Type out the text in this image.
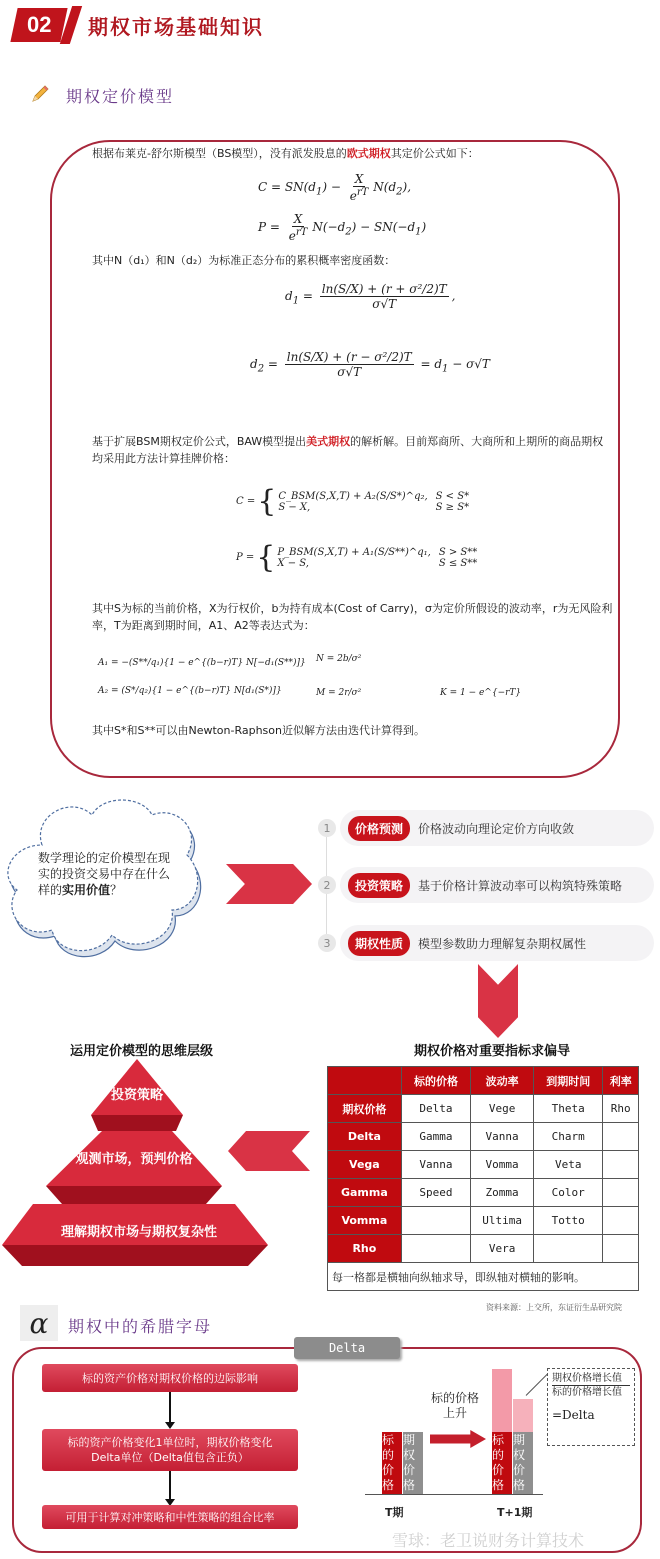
02 期权市场基础知识
期权定价模型
根据布莱克-舒尔斯模型（BS模型），没有派发股息的欧式期权其定价公式如下：
$C = SN(d_1) - \frac{X}{e^{rT}} N(d_2)$,
$P = \frac{X}{e^{rT}} N(-d_2) - SN(-d_1)$
其中N（d₁）和N（d₂）为标准正态分布的累积概率密度函数：
$d_1 = \frac{\text{ln(S/X) + (r + σ²/2)T}}{\sigma√T}$ ,
$d_2 = \frac{\text{ln(S/X) + (r − σ²/2)T}}{\sigma√T} = d_1 - \sigma√T$
基于扩展BSM期权定价公式，BAW模型提出美式期权的解析解。目前郑商所、大商所和上期所的商品期权均采用此方法计算挂牌价格：
C = { C_BSM(S,X,T) + A₂(S/S*)^q₂, S < S*
S − X,	S ≥ S*
P = { P_BSM(S,X,T) + A₁(S/S**)^q₁, S > S**
X − S,	S ≤ S**
其中S为标的当前价格，X为行权价，b为持有成本(Cost of Carry)，σ为定价所假设的波动率，r为无风险利率，T为距离到期时间，A1、A2等表达式为：
A₁ = −(S**/q₁){1 − e^{(b−r)T} N[−d₁(S**)]}
A₂ = (S*/q₂){1 − e^{(b−r)T} N[d₁(S*)]}
N = 2b/σ²
M = 2r/σ²	K = 1 − e^{−rT}
其中S*和S**可以由Newton-Raphson近似解方法由迭代计算得到。
数学理论的定价模型在现实的投资交易中存在什么样的实用价值？
1	价格预测	价格波动向理论定价方向收敛
2	投资策略	基于价格计算波动率可以构筑特殊策略
3	期权性质	模型参数助力理解复杂期权属性
运用定价模型的思维层级
投资策略
观测市场，预判价格
理解期权市场与期权复杂性
期权价格对重要指标求偏导
	标的价格	波动率	到期时间	利率
期权价格	Delta	Vege	Theta	Rho
Delta	Gamma	Vanna	Charm	
Vega	Vanna	Vomma	Veta	
Gamma	Speed	Zomma	Color	
Vomma		Ultima	Totto	
Rho		Vera		
每一格都是横轴向纵轴求导，即纵轴对横轴的影响。				
资料来源：上交所，东证衍生品研究院
α	期权中的希腊字母
Delta
标的资产价格对期权价格的边际影响
标的资产价格变化1单位时，期权价格变化Delta单位（Delta值包含正负）
可用于计算对冲策略和中性策略的组合比率
标的价格
期权价格
标的价格上升
标的价格
期权价格
T期	T+1期
期权价格增长值
标的价格增长值
=Delta
雪球：老卫说财务计算技术
